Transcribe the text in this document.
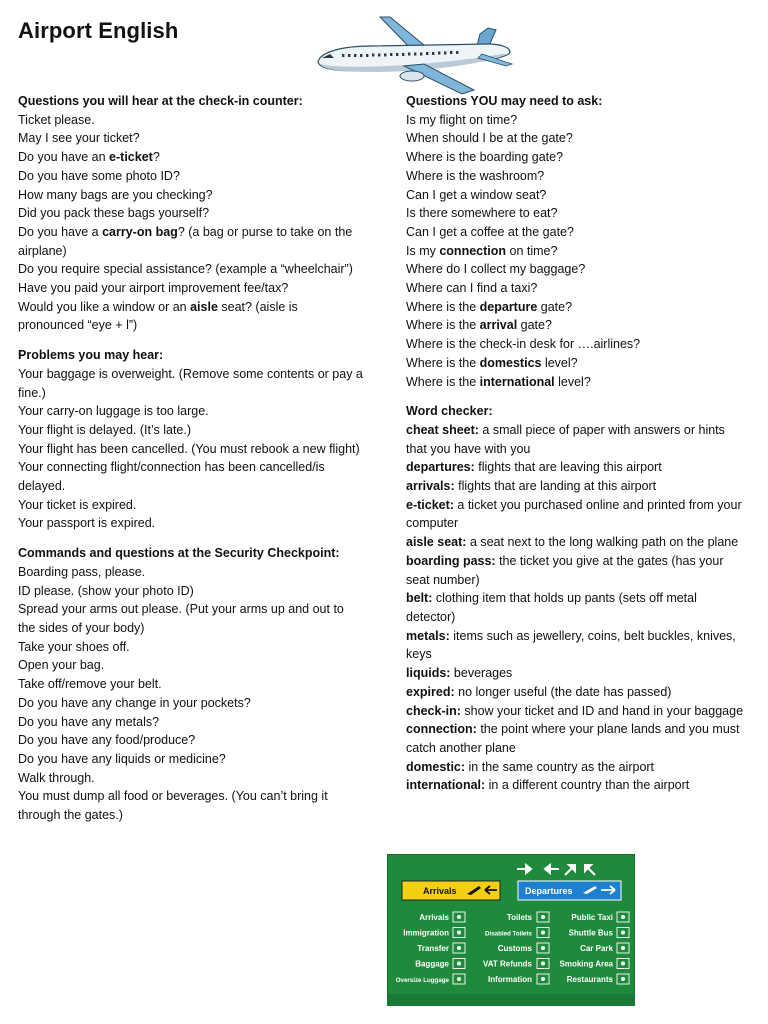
Airport English
Questions you will hear at the check-in counter:
Ticket please.
May I see your ticket?
Do you have an e-ticket?
Do you have some photo ID?
How many bags are you checking?
Did you pack these bags yourself?
Do you have a carry-on bag? (a bag or purse to take on the airplane)
Do you require special assistance? (example a “wheelchair”)
Have you paid your airport improvement fee/tax?
Would you like a window or an aisle seat? (aisle is pronounced “eye + l”)
Problems you may hear:
Your baggage is overweight. (Remove some contents or pay a fine.)
Your carry-on luggage is too large.
Your flight is delayed. (It’s late.)
Your flight has been cancelled. (You must rebook a new flight)
Your connecting flight/connection has been cancelled/is delayed.
Your ticket is expired.
Your passport is expired.
Commands and questions at the Security Checkpoint:
Boarding pass, please.
ID please. (show your photo ID)
Spread your arms out please. (Put your arms up and out to the sides of your body)
Take your shoes off.
Open your bag.
Take off/remove your belt.
Do you have any change in your pockets?
Do you have any metals?
Do you have any food/produce?
Do you have any liquids or medicine?
Walk through.
You must dump all food or beverages. (You can’t bring it through the gates.)
Questions YOU may need to ask:
Is my flight on time?
When should I be at the gate?
Where is the boarding gate?
Where is the washroom?
Can I get a window seat?
Is there somewhere to eat?
Can I get a coffee at the gate?
Is my connection on time?
Where do I collect my baggage?
Where can I find a taxi?
Where is the departure gate?
Where is the arrival gate?
Where is the check-in desk for ….airlines?
Where is the domestics level?
Where is the international level?
Word checker:
cheat sheet: a small piece of paper with answers or hints that you have with you
departures: flights that are leaving this airport
arrivals: flights that are landing at this airport
e-ticket: a ticket you purchased online and printed from your computer
aisle seat: a seat next to the long walking path on the plane
boarding pass: the ticket you give at the gates (has your seat number)
belt: clothing item that holds up pants (sets off metal detector)
metals: items such as jewellery, coins, belt buckles, knives, keys
liquids: beverages
expired: no longer useful (the date has passed)
check-in: show your ticket and ID and hand in your baggage
connection: the point where your plane lands and you must catch another plane
domestic: in the same country as the airport
international: in a different country than the airport
Arrivals	Departures
Arrivals	Toilets	Public Taxi
Immigration	Disabled Toilets	Shuttle Bus
Transfer	Customs	Car Park
Baggage	VAT Refunds	Smoking Area
Oversize Luggage	Information	Restaurants
